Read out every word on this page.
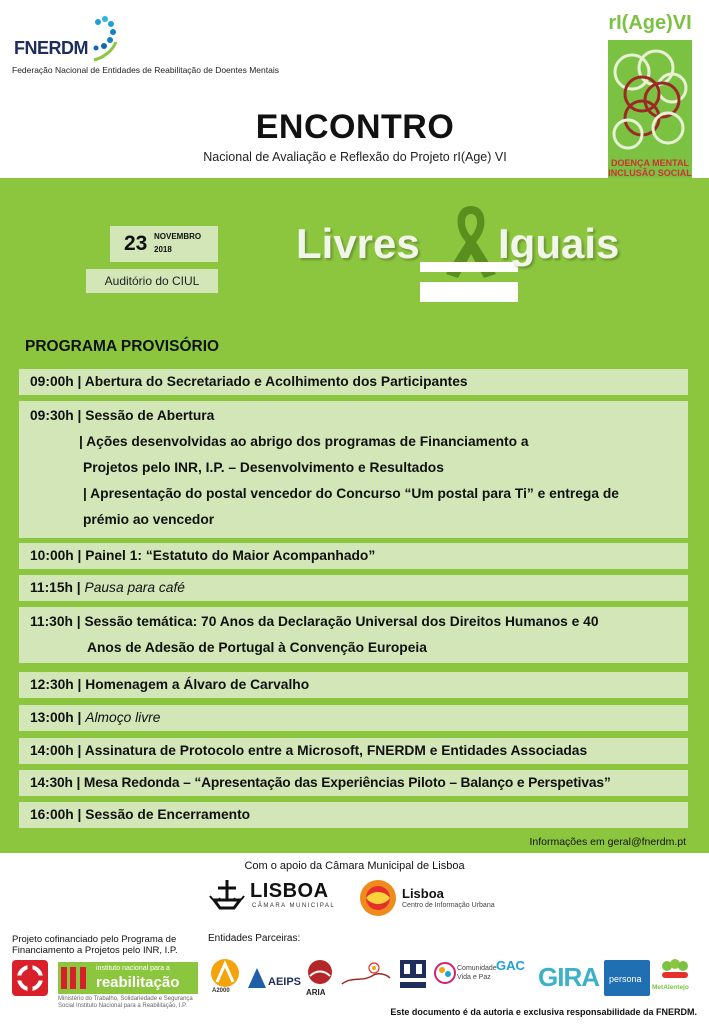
FNERDM
Federação Nacional de Entidades de Reabilitação de Doentes Mentais
ENCONTRO
Nacional de Avaliação e Reflexão do Projeto rI(Age) VI
rI(Age)VI
DOENÇA MENTAL
INCLUSÃO SOCIAL
23 NOVEMBRO
2018
Auditório do CIUL
Livres Iguais
PROGRAMA PROVISÓRIO
09:00h | Abertura do Secretariado e Acolhimento dos Participantes
09:30h | Sessão de Abertura
| Ações desenvolvidas ao abrigo dos programas de Financiamento a
Projetos pelo INR, I.P. – Desenvolvimento e Resultados
| Apresentação do postal vencedor do Concurso “Um postal para Ti” e entrega de
prémio ao vencedor
10:00h | Painel 1: “Estatuto do Maior Acompanhado”
11:15h | Pausa para café
11:30h | Sessão temática: 70 Anos da Declaração Universal dos Direitos Humanos e 40
Anos de Adesão de Portugal à Convenção Europeia
12:30h | Homenagem a Álvaro de Carvalho
13:00h | Almoço livre
14:00h | Assinatura de Protocolo entre a Microsoft, FNERDM e Entidades Associadas
14:30h | Mesa Redonda – “Apresentação das Experiências Piloto – Balanço e Perspetivas”
16:00h | Sessão de Encerramento
Informações em geral@fnerdm.pt
Com o apoio da Câmara Municipal de Lisboa
LISBOA
CÂMARA MUNICIPAL
Lisboa
Centro de Informação Urbana
Projeto cofinanciado pelo Programa de Financiamento a Projetos pelo INR, I.P.
instituto nacional para a
reabilitação
Ministério do Trabalho, Solidariedade e Segurança Social Instituto Nacional para a Reabilitação, I.P.
Entidades Parceiras:
A2000
AEIPS
ARIA
Comunidade Vida e Paz
GAC GIRA persona
MetAlentejo
Este documento é da autoria e exclusiva responsabilidade da FNERDM.
